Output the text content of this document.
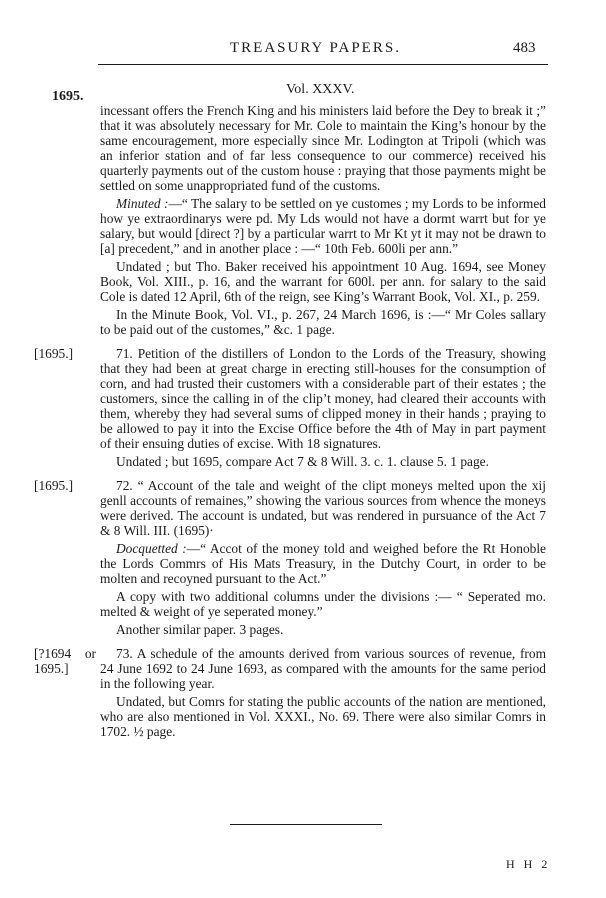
TREASURY PAPERS.	483
1695.	Vol. XXXV.

incessant offers the French King and his ministers laid before the Dey to break it ;” that it was absolutely necessary for Mr. Cole to maintain the King’s honour by the same encouragement, more especially since Mr. Lodington at Tripoli (which was an inferior station and of far less consequence to our commerce) received his quarterly payments out of the custom house : praying that those payments might be settled on some unappropriated fund of the customs.

Minuted :—“ The salary to be settled on ye customes ; my Lords to be informed how ye extraordinarys were pd. My Lds would not have a dormt warrt but for ye salary, but would [direct ?] by a particular warrt to Mr Kt yt it may not be drawn to [a] precedent,” and in another place : —“ 10th Feb. 600li per ann.”

Undated ; but Tho. Baker received his appointment 10 Aug. 1694, see Money Book, Vol. XIII., p. 16, and the warrant for 600l. per ann. for salary to the said Cole is dated 12 April, 6th of the reign, see King’s Warrant Book, Vol. XI., p. 259.

In the Minute Book, Vol. VI., p. 267, 24 March 1696, is :—“ Mr Coles sallary to be paid out of the customes,” &c. 1 page.

[1695.]	71. Petition of the distillers of London to the Lords of the Treasury, showing that they had been at great charge in erecting still-houses for the consumption of corn, and had trusted their customers with a considerable part of their estates ; the customers, since the calling in of the clip’t money, had cleared their accounts with them, whereby they had several sums of clipped money in their hands ; praying to be allowed to pay it into the Excise Office before the 4th of May in part payment of their ensuing duties of excise. With 18 signatures.

Undated ; but 1695, compare Act 7 & 8 Will. 3. c. 1. clause 5. 1 page.

[1695.]	72. “ Account of the tale and weight of the clipt moneys melted upon the xij genll accounts of remaines,” showing the various sources from whence the moneys were derived. The account is undated, but was rendered in pursuance of the Act 7 & 8 Will. III. (1695)·

Docquetted :—“ Accot of the money told and weighed before the Rt Honoble the Lords Commrs of His Mats Treasury, in the Dutchy Court, in order to be molten and recoyned pursuant to the Act.”

A copy with two additional columns under the divisions :— “ Seperated mo. melted & weight of ye seperated money.”

Another similar paper. 3 pages.

[?1694 or 1695.]

73. A schedule of the amounts derived from various sources of revenue, from 24 June 1692 to 24 June 1693, as compared with the amounts for the same period in the following year.

Undated, but Comrs for stating the public accounts of the nation are mentioned, who are also mentioned in Vol. XXXI., No. 69. There were also similar Comrs in 1702. ½ page.

H H 2
